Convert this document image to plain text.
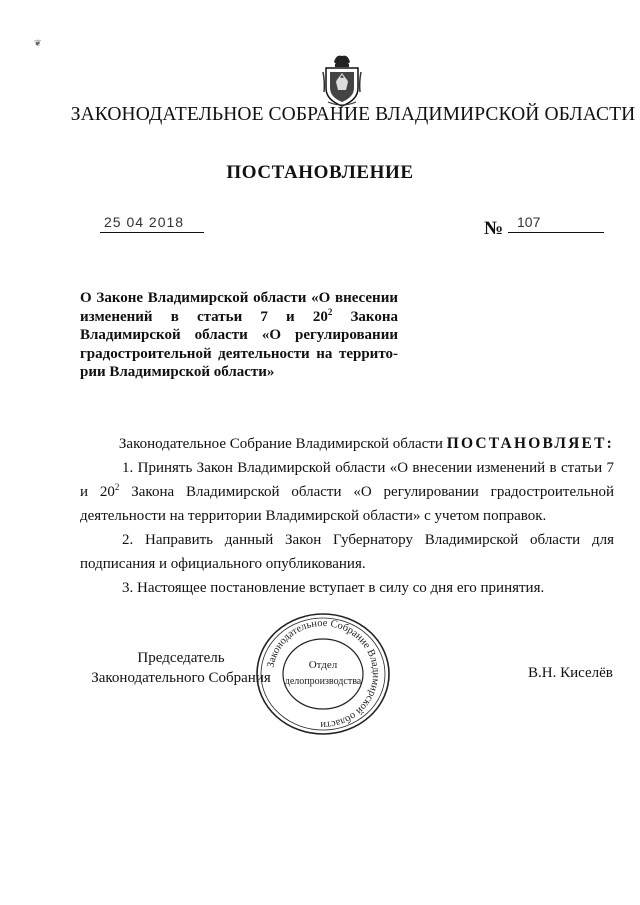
❦
ЗАКОНОДАТЕЛЬНОЕ СОБРАНИЕ ВЛАДИМИРСКОЙ ОБЛАСТИ
ПОСТАНОВЛЕНИЕ
25 04 2018	№ 107
О Законе Владимирской области «О внесении
изменений   в   статьи   7   и   $20^2$   Закона
Владимирской области «О регулировании
градостроительной деятельности на террито-
рии Владимирской области»

Законодательное Собрание Владимирской области ПОСТАНОВЛЯЕТ:

1. Принять Закон Владимирской области «О внесении изменений в статьи 7 и $20^2$ Закона Владимирской области «О регулировании градостроительной деятельности на территории Владимирской области» с учетом поправок.

2. Направить данный Закон Губернатору Владимирской области для подписания и официального опубликования.

3. Настоящее постановление вступает в силу со дня его принятия.

Председатель
Законодательного Собрания	В.Н. Киселёв
Законодательное Собрание Владимирской области
Отдел
делопроизводства
